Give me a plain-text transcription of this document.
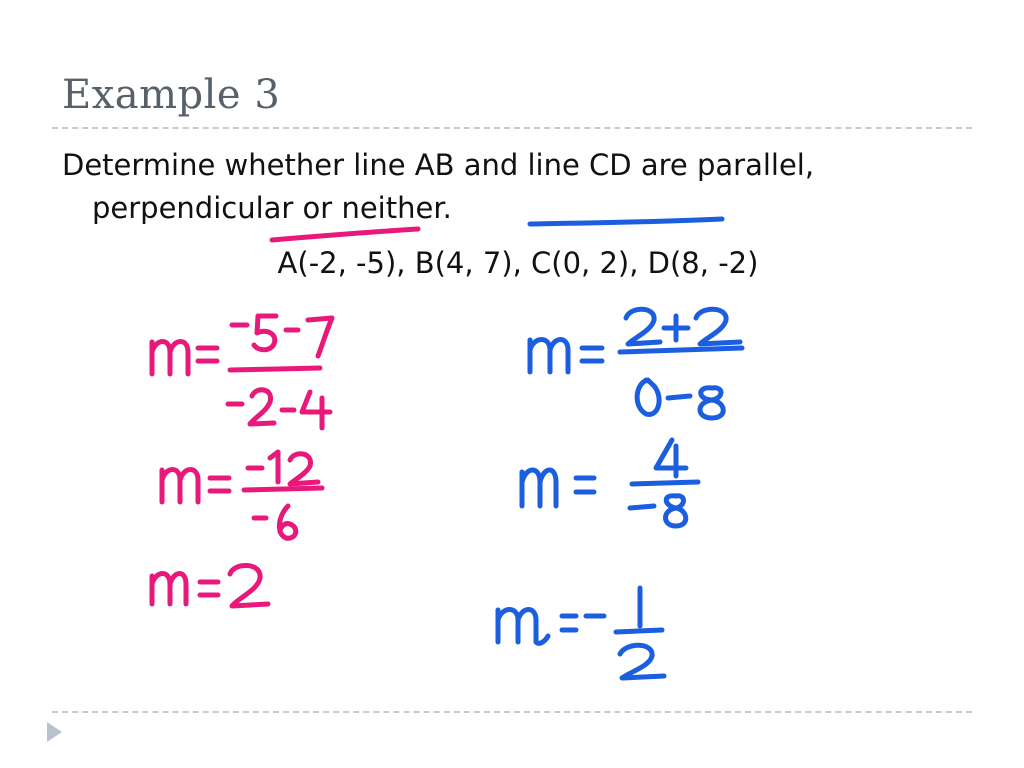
Example 3
Determine whether line AB and line CD are parallel,
perpendicular or neither.
A(-2, -5), B(4, 7), C(0, 2), D(8, -2)
